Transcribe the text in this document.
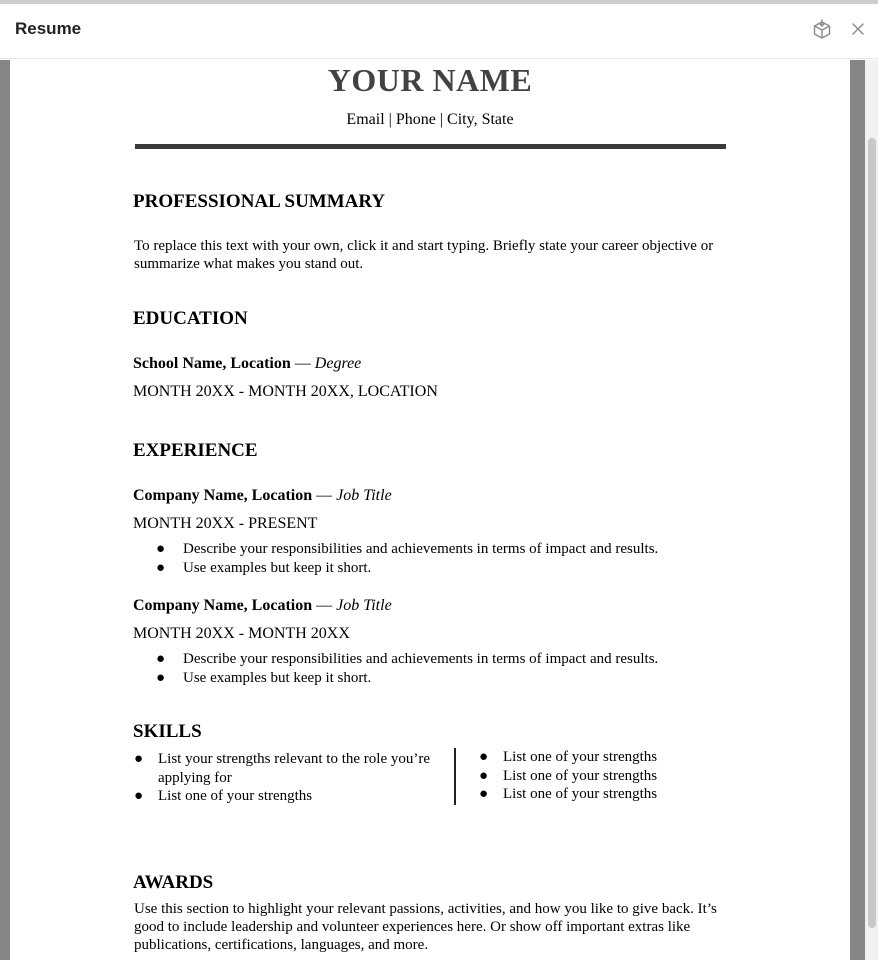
Resume
YOUR NAME
Email | Phone | City, State
PROFESSIONAL SUMMARY
To replace this text with your own, click it and start typing. Briefly state your career objective or
summarize what makes you stand out.
EDUCATION
School Name, Location — Degree
MONTH 20XX - MONTH 20XX, LOCATION
EXPERIENCE
Company Name, Location — Job Title
MONTH 20XX - PRESENT
● Describe your responsibilities and achievements in terms of impact and results.
● Use examples but keep it short.
Company Name, Location — Job Title
MONTH 20XX - MONTH 20XX
● Describe your responsibilities and achievements in terms of impact and results.
● Use examples but keep it short.
SKILLS
● List your strengths relevant to the role you’re applying for
● List one of your strengths
● List one of your strengths
● List one of your strengths
● List one of your strengths
AWARDS
Use this section to highlight your relevant passions, activities, and how you like to give back. It’s
good to include leadership and volunteer experiences here. Or show off important extras like
publications, certifications, languages, and more.
